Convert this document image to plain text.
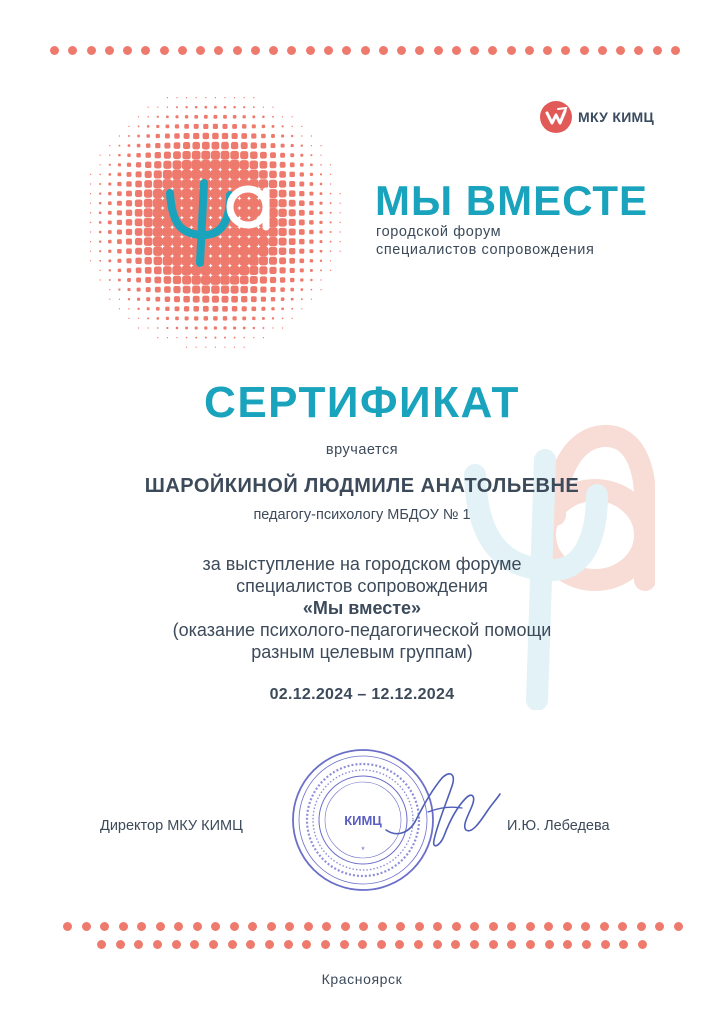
МКУ КИМЦ
МЫ ВМЕСТЕ
городской форум
специалистов сопровождения
СЕРТИФИКАТ
вручается
ШАРОЙКИНОЙ ЛЮДМИЛЕ АНАТОЛЬЕВНЕ
педагогу-психологу МБДОУ № 1
за выступление на городском форуме
специалистов сопровождения
«Мы вместе»
(оказание психолого-педагогической помощи
разным целевым группам)
02.12.2024 – 12.12.2024
Директор МКУ КИМЦ	КИМЦ
*
И.Ю. Лебедева
Красноярск
